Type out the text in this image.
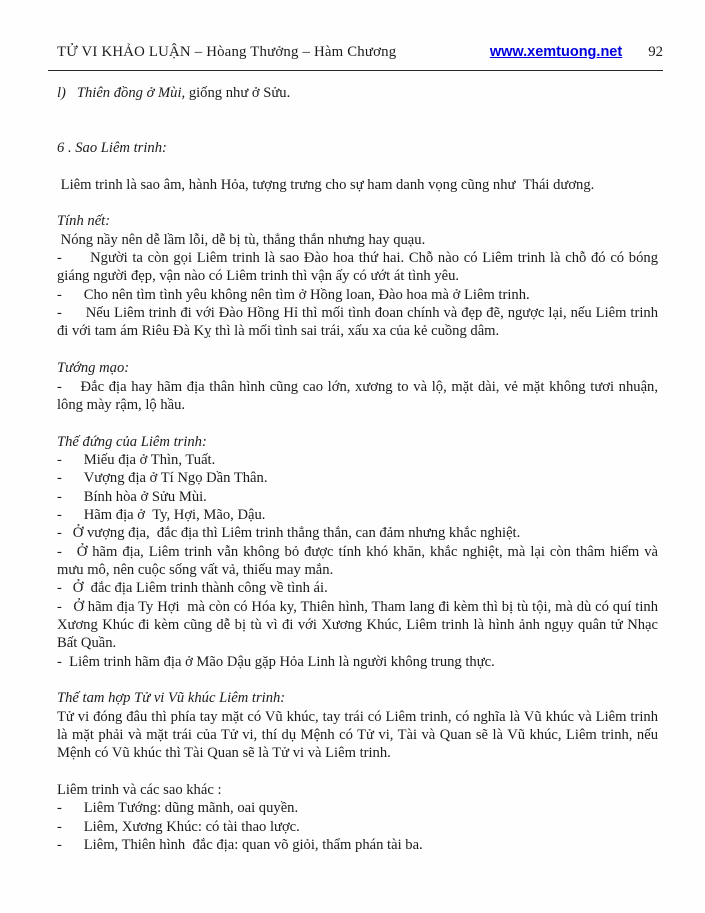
TỬ VI KHẢO LUẬN – Hòang Thưởng – Hàm Chương	www.xemtuong.net 92

l)   Thiên đồng ở Mùi, giống như ở Sửu.

6 . Sao Liêm trinh:

Liêm trinh là sao âm, hành Hỏa, tượng trưng cho sự ham danh vọng cũng như  Thái dương.

Tính nết:

Nóng nầy nên dễ lầm lỗi, dễ bị tù, thẳng thắn nhưng hay quạu.

-      Người ta còn gọi Liêm trinh là sao Đào hoa thứ hai. Chỗ nào có Liêm trinh là chỗ đó có bóng giáng người đẹp, vận nào có Liêm trinh thì vận ấy có ướt át tình yêu.

-      Cho nên tìm tình yêu không nên tìm ở Hồng loan, Đào hoa mà ở Liêm trinh.

-      Nếu Liêm trinh đi với Đào Hồng Hỉ thì mối tình đoan chính và đẹp đẽ, ngược lại, nếu Liêm trinh đi với tam ám Riêu Đà Kỵ thì là mối tình sai trái, xấu xa của kẻ cuồng dâm.

Tướng mạo:

-    Đắc địa hay hãm địa thân hình cũng cao lớn, xương to và lộ, mặt dài, vẻ mặt không tươi nhuận, lông mày rậm, lộ hầu.

Thế đứng của Liêm trinh:

-      Miếu địa ở Thìn, Tuất.

-      Vượng địa ở Tí Ngọ Dần Thân.

-      Bính hòa ở Sửu Mùi.

-      Hãm địa ở  Ty, Hợi, Mão, Dậu.

-   Ở vượng địa,  đắc địa thì Liêm trinh thẳng thắn, can đảm nhưng khắc nghiệt.

-   Ở hãm địa, Liêm trinh vẫn không bỏ được tính khó khăn, khắc nghiệt, mà lại còn thâm hiểm và mưu mô, nên cuộc sống vất vả, thiếu may mắn.

-   Ở  đắc địa Liêm trinh thành công về tình ái.

-   Ở hãm địa Ty Hợi  mà còn có Hóa ky, Thiên hình, Tham lang đi kèm thì bị tù tội, mà dù có quí tinh Xương Khúc đi kèm cũng dễ bị tù vì đi với Xương Khúc, Liêm trinh là hình ảnh ngụy quân tử Nhạc Bất Quần.

-  Liêm trinh hãm địa ở Mão Dậu gặp Hỏa Linh là người không trung thực.

Thế tam hợp Tử vi Vũ khúc Liêm trinh:

Tử vi đóng đâu thì phía tay mặt có Vũ khúc, tay trái có Liêm trinh, có nghĩa là Vũ khúc và Liêm trinh là mặt phải và mặt trái của Tử vi, thí dụ Mệnh có Tử vi, Tài và Quan sẽ là Vũ khúc, Liêm trinh, nếu Mệnh có Vũ khúc thì Tài Quan sẽ là Tử vi và Liêm trinh.

Liêm trinh và các sao khác :

-      Liêm Tướng: dũng mãnh, oai quyền.

-      Liêm, Xương Khúc: có tài thao lược.

-      Liêm, Thiên hình  đắc địa: quan võ giỏi, thẩm phán tài ba.
